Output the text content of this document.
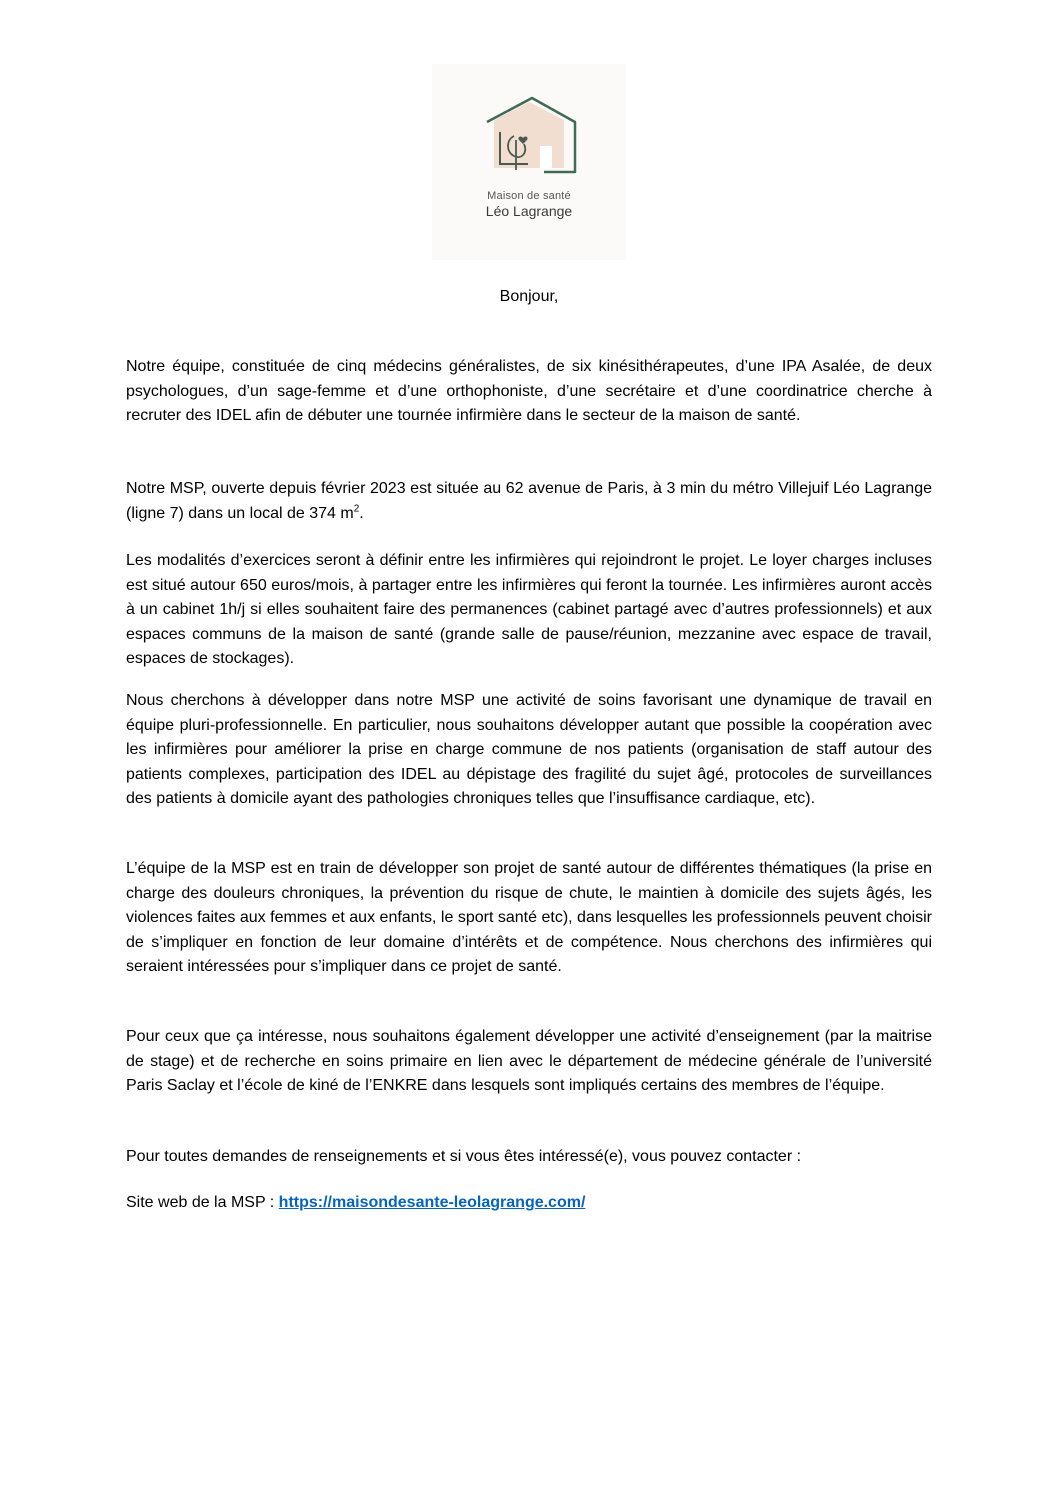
Maison de santé
Léo Lagrange
Bonjour,

Notre équipe, constituée de cinq médecins généralistes, de six kinésithérapeutes, d’une IPA Asalée, de deux psychologues, d’un sage-femme et d’une orthophoniste, d’une secrétaire et d’une coordinatrice cherche à recruter des IDEL afin de débuter une tournée infirmière dans le secteur de la maison de santé.

Notre MSP, ouverte depuis février 2023 est située au 62 avenue de Paris, à 3 min du métro Villejuif Léo Lagrange (ligne 7) dans un local de 374 $m^2$.

Les modalités d’exercices seront à définir entre les infirmières qui rejoindront le projet. Le loyer charges incluses est situé autour 650 euros/mois, à partager entre les infirmières qui feront la tournée. Les infirmières auront accès à un cabinet 1h/j si elles souhaitent faire des permanences (cabinet partagé avec d’autres professionnels) et aux espaces communs de la maison de santé (grande salle de pause/réunion, mezzanine avec espace de travail, espaces de stockages).

Nous cherchons à développer dans notre MSP une activité de soins favorisant une dynamique de travail en équipe pluri-professionnelle. En particulier, nous souhaitons développer autant que possible la coopération avec les infirmières pour améliorer la prise en charge commune de nos patients (organisation de staff autour des patients complexes, participation des IDEL au dépistage des fragilité du sujet âgé, protocoles de surveillances des patients à domicile ayant des pathologies chroniques telles que l’insuffisance cardiaque, etc).

L’équipe de la MSP est en train de développer son projet de santé autour de différentes thématiques (la prise en charge des douleurs chroniques, la prévention du risque de chute, le maintien à domicile des sujets âgés, les violences faites aux femmes et aux enfants, le sport santé etc), dans lesquelles les professionnels peuvent choisir de s’impliquer en fonction de leur domaine d’intérêts et de compétence. Nous cherchons des infirmières qui seraient intéressées pour s’impliquer dans ce projet de santé.

Pour ceux que ça intéresse, nous souhaitons également développer une activité d’enseignement (par la maitrise de stage) et de recherche en soins primaire en lien avec le département de médecine générale de l’université Paris Saclay et l’école de kiné de l’ENKRE dans lesquels sont impliqués certains des membres de l’équipe.

Pour toutes demandes de renseignements et si vous êtes intéressé(e), vous pouvez contacter :

Site web de la MSP : https://maisondesante-leolagrange.com/
